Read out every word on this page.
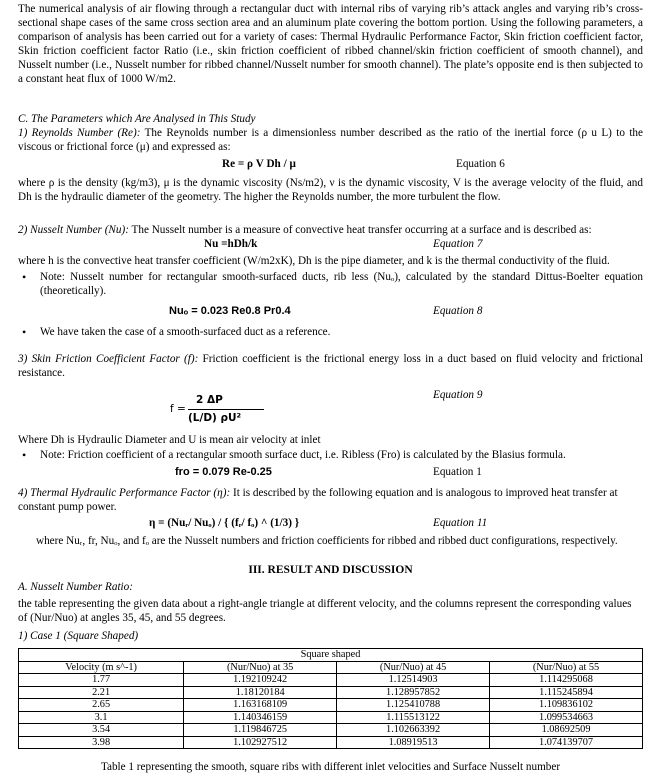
The numerical analysis of air flowing through a rectangular duct with internal ribs of varying rib’s attack angles and varying rib’s cross-sectional shape cases of the same cross section area and an aluminum plate covering the bottom portion. Using the following parameters, a comparison of analysis has been carried out for a variety of cases: Thermal Hydraulic Performance Factor, Skin friction coefficient factor, Skin friction coefficient factor Ratio (i.e., skin friction coefficient of ribbed channel/skin friction coefficient of smooth channel), and Nusselt number (i.e., Nusselt number for ribbed channel/Nusselt number for smooth channel). The plate’s opposite end is then subjected to a constant heat flux of 1000 W/m2.

C. The Parameters which Are Analysed in This Study

1) Reynolds Number (Re): The Reynolds number is a dimensionless number described as the ratio of the inertial force (ρ u L) to the viscous or frictional force (μ) and expressed as:

Re = ρ V Dh / μ	Equation 6

where ρ is the density (kg/m3), μ is the dynamic viscosity (Ns/m2), ν is the dynamic viscosity, V is the average velocity of the fluid, and Dh is the hydraulic diameter of the geometry. The higher the Reynolds number, the more turbulent the flow.

2) Nusselt Number (Nu): The Nusselt number is a measure of convective heat transfer occurring at a surface and is described as:

Nu =hDh/k	Equation 7

where h is the convective heat transfer coefficient (W/m2xK), Dh is the pipe diameter, and k is the thermal conductivity of the fluid.

•	Note: Nusselt number for rectangular smooth-surfaced ducts, rib less (Nuₒ), calculated by the standard Dittus-Boelter equation (theoretically).

Nuₒ = 0.023 Re0.8 Pr0.4	Equation 8
•	We have taken the case of a smooth-surfaced duct as a reference.

3) Skin Friction Coefficient Factor (f): Friction coefficient is the frictional energy loss in a duct based on fluid velocity and frictional resistance.

f =
2 ΔP
(L/D) ρU²
Equation 9

Where Dh is Hydraulic Diameter and U is mean air velocity at inlet

•	Note: Friction coefficient of a rectangular smooth surface duct, i.e. Ribless (Fro) is calculated by the Blasius formula.

fro = 0.079 Re-0.25	Equation 1

4) Thermal Hydraulic Performance Factor (η): It is described by the following equation and is analogous to improved heat transfer at constant pump power.

η = (Nuᵣ/ Nuₒ) / { (fᵣ/ fₒ) ^ (1/3) }	Equation 11

where Nuᵣ, fr, Nuₒ, and fₒ are the Nusselt numbers and friction coefficients for ribbed and ribbed duct configurations, respectively.

III. RESULT AND DISCUSSION
A. Nusselt Number Ratio:

the table representing the given data about a right-angle triangle at different velocity, and the columns represent the corresponding values of (Nur/Nuo) at angles 35, 45, and 55 degrees.

1) Case 1 (Square Shaped)
Square shaped			
Velocity (m s^-1)	(Nur/Nuo) at 35	(Nur/Nuo) at 45	(Nur/Nuo) at 55
1.77	1.192109242	1.12514903	1.114295068
2.21	1.18120184	1.128957852	1.115245894
2.65	1.163168109	1.125410788	1.109836102
3.1	1.140346159	1.115513122	1.099534663
3.54	1.119846725	1.102663392	1.08692509
3.98	1.102927512	1.08919513	1.074139707
Table 1 representing the smooth, square ribs with different inlet velocities and Surface Nusselt number
